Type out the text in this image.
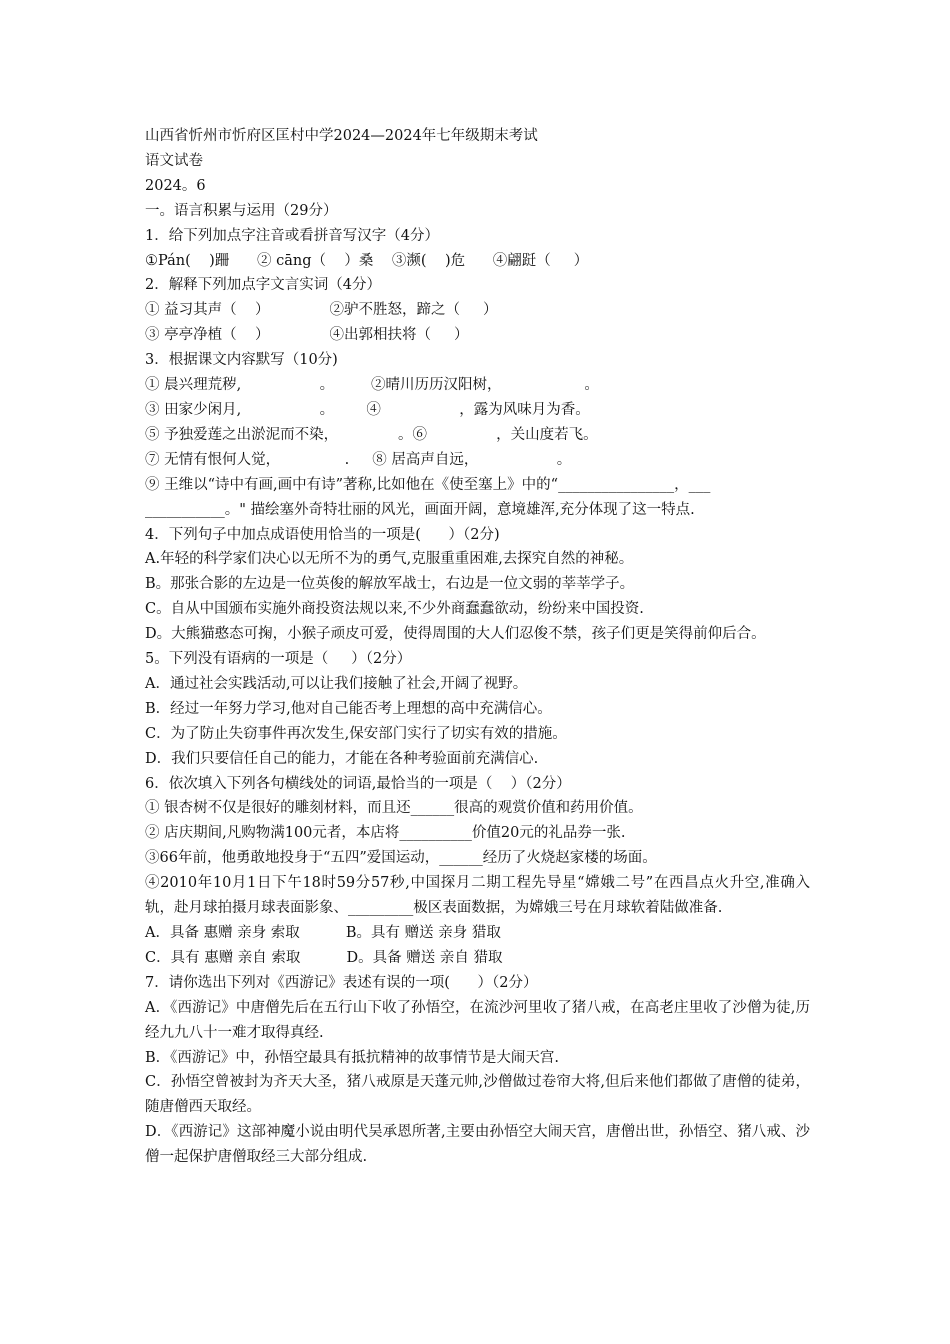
山西省忻州市忻府区匡村中学2024—2024年七年级期末考试
语文试卷
2024。6
一。语言积累与运用（29分）
1．给下列加点字注音或看拼音写汉字（4分）
①Pán(    )跚      ② cāng（    ）桑    ③濒(    )危      ④翩跹（     ）
2．解释下列加点字文言实词（4分）
① 益习其声（    ）             ②驴不胜怒，蹄之（     ）
③ 亭亭净植（    ）             ④出郭相扶将（     ）
3．根据课文内容默写（10分)
① 晨兴理荒秽,                 。        ②晴川历历汉阳树，                  。
③ 田家少闲月,                 。       ④                 ，露为风味月为香。
⑤ 予独爱莲之出淤泥而不染，             。⑥               ，关山度若飞。
⑦ 无情有恨何人觉，              .     ⑧ 居高声自远，                 。
⑨ 王维以“诗中有画,画中有诗”著称,比如他在《使至塞上》中的“________________，___
___________。" 描绘塞外奇特壮丽的风光，画面开阔，意境雄浑,充分体现了这一特点.
4．下列句子中加点成语使用恰当的一项是(      ）（2分)
A.年轻的科学家们决心以无所不为的勇气,克服重重困难,去探究自然的神秘。
B。那张合影的左边是一位英俊的解放军战士，右边是一位文弱的莘莘学子。
C。自从中国颁布实施外商投资法规以来,不少外商蠢蠢欲动，纷纷来中国投资.
D。大熊猫憨态可掬，小猴子顽皮可爱，使得周围的大人们忍俊不禁，孩子们更是笑得前仰后合。
5。下列没有语病的一项是（     ）（2分）
A．通过社会实践活动,可以让我们接触了社会,开阔了视野。
B．经过一年努力学习,他对自己能否考上理想的高中充满信心。
C．为了防止失窃事件再次发生,保安部门实行了切实有效的措施。
D．我们只要信任自己的能力，才能在各种考验面前充满信心.
6．依次填入下列各句横线处的词语,最恰当的一项是（    ）（2分）
① 银杏树不仅是很好的雕刻材料，而且还______很高的观赏价值和药用价值。
② 店庆期间,凡购物满100元者，本店将__________价值20元的礼品券一张.
③66年前，他勇敢地投身于“五四”爱国运动，______经历了火烧赵家楼的场面。
④2010年10月1日下午18时59分57秒,中国探月二期工程先导星“嫦娥二号”在西昌点火升空,准确入轨，赴月球拍摄月球表面影象、_________极区表面数据，为嫦娥三号在月球软着陆做准备.
A．具备 惠赠 亲身 索取          B。具有 赠送 亲身 猎取
C．具有 惠赠 亲自 索取          D。具备 赠送 亲自 猎取
7．请你选出下列对《西游记》表述有误的一项(      ）（2分）
A．《西游记》中唐僧先后在五行山下收了孙悟空，在流沙河里收了猪八戒，在高老庄里收了沙僧为徒,历经九九八十一难才取得真经.
B．《西游记》中，孙悟空最具有抵抗精神的故事情节是大闹天宫.
C．孙悟空曾被封为齐天大圣，猪八戒原是天蓬元帅,沙僧做过卷帘大将,但后来他们都做了唐僧的徒弟，随唐僧西天取经。
D．《西游记》这部神魔小说由明代吴承恩所著,主要由孙悟空大闹天宫，唐僧出世，孙悟空、猪八戒、沙僧一起保护唐僧取经三大部分组成.
